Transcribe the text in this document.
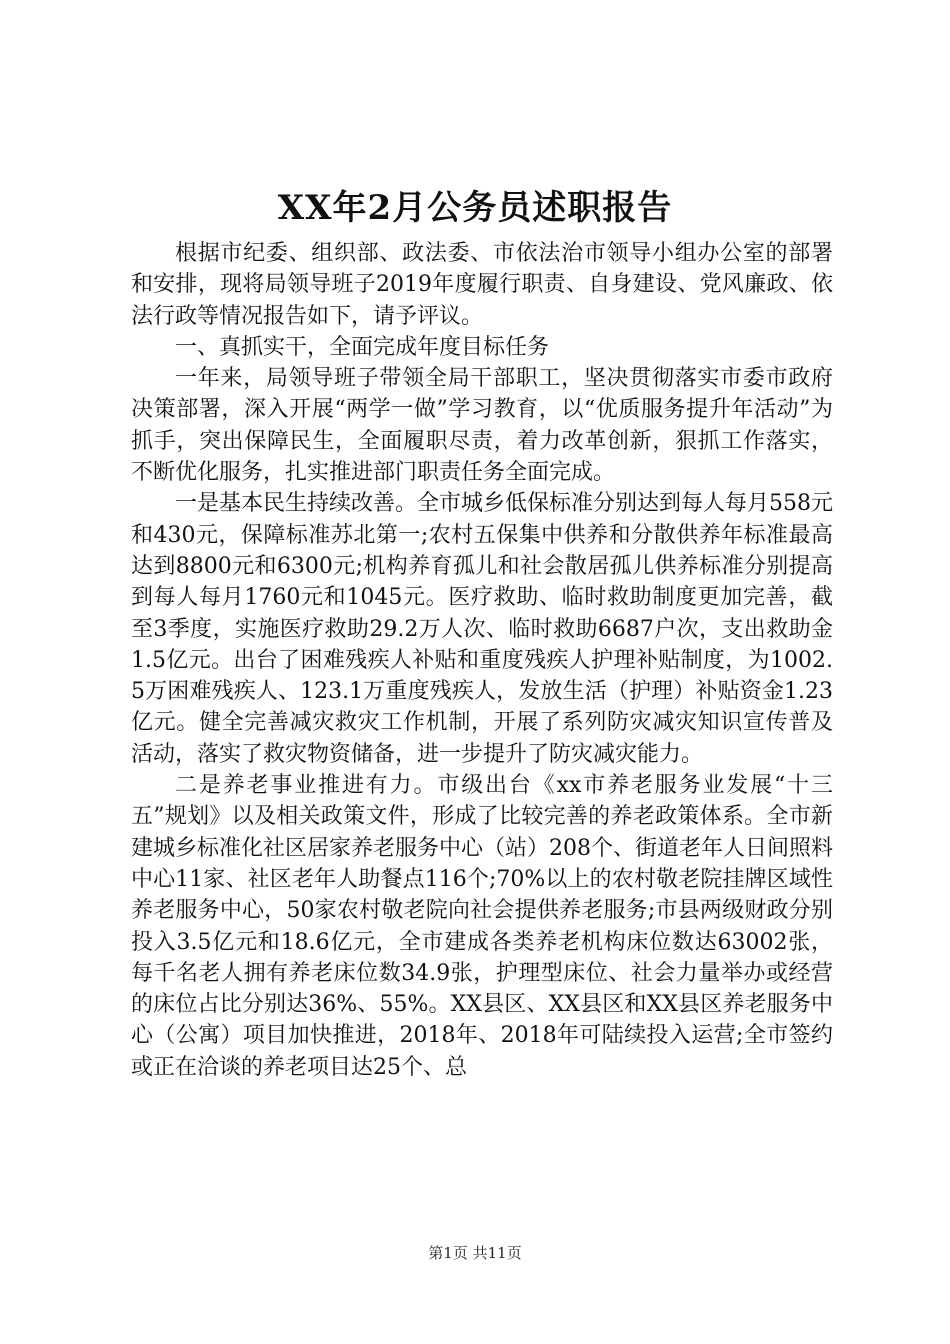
XX年2月公务员述职报告

根据市纪委、组织部、政法委、市依法治市领导小组办公室的部署和安排，现将局领导班子2019年度履行职责、自身建设、党风廉政、依法行政等情况报告如下，请予评议。

一、真抓实干，全面完成年度目标任务

一年来，局领导班子带领全局干部职工，坚决贯彻落实市委市政府决策部署，深入开展“两学一做”学习教育，以“优质服务提升年活动”为抓手，突出保障民生，全面履职尽责，着力改革创新，狠抓工作落实，不断优化服务，扎实推进部门职责任务全面完成。

一是基本民生持续改善。全市城乡低保标准分别达到每人每月558元和430元，保障标准苏北第一;农村五保集中供养和分散供养年标准最高达到8800元和6300元;机构养育孤儿和社会散居孤儿供养标准分别提高到每人每月1760元和1045元。医疗救助、临时救助制度更加完善，截至3季度，实施医疗救助29.2万人次、临时救助6687户次，支出救助金1.5亿元。出台了困难残疾人补贴和重度残疾人护理补贴制度，为1002.5万困难残疾人、123.1万重度残疾人，发放生活（护理）补贴资金1.23亿元。健全完善减灾救灾工作机制，开展了系列防灾减灾知识宣传普及活动，落实了救灾物资储备，进一步提升了防灾减灾能力。

二是养老事业推进有力。市级出台《xx市养老服务业发展“十三五”规划》以及相关政策文件，形成了比较完善的养老政策体系。全市新建城乡标准化社区居家养老服务中心（站）208个、街道老年人日间照料中心11家、社区老年人助餐点116个;70%以上的农村敬老院挂牌区域性养老服务中心，50家农村敬老院向社会提供养老服务;市县两级财政分别投入3.5亿元和18.6亿元，全市建成各类养老机构床位数达63002张，每千名老人拥有养老床位数34.9张，护理型床位、社会力量举办或经营的床位占比分别达36%、55%。XX县区、XX县区和XX县区养老服务中心（公寓）项目加快推进，2018年、2018年可陆续投入运营;全市签约或正在洽谈的养老项目达25个、总

第1页 共11页
